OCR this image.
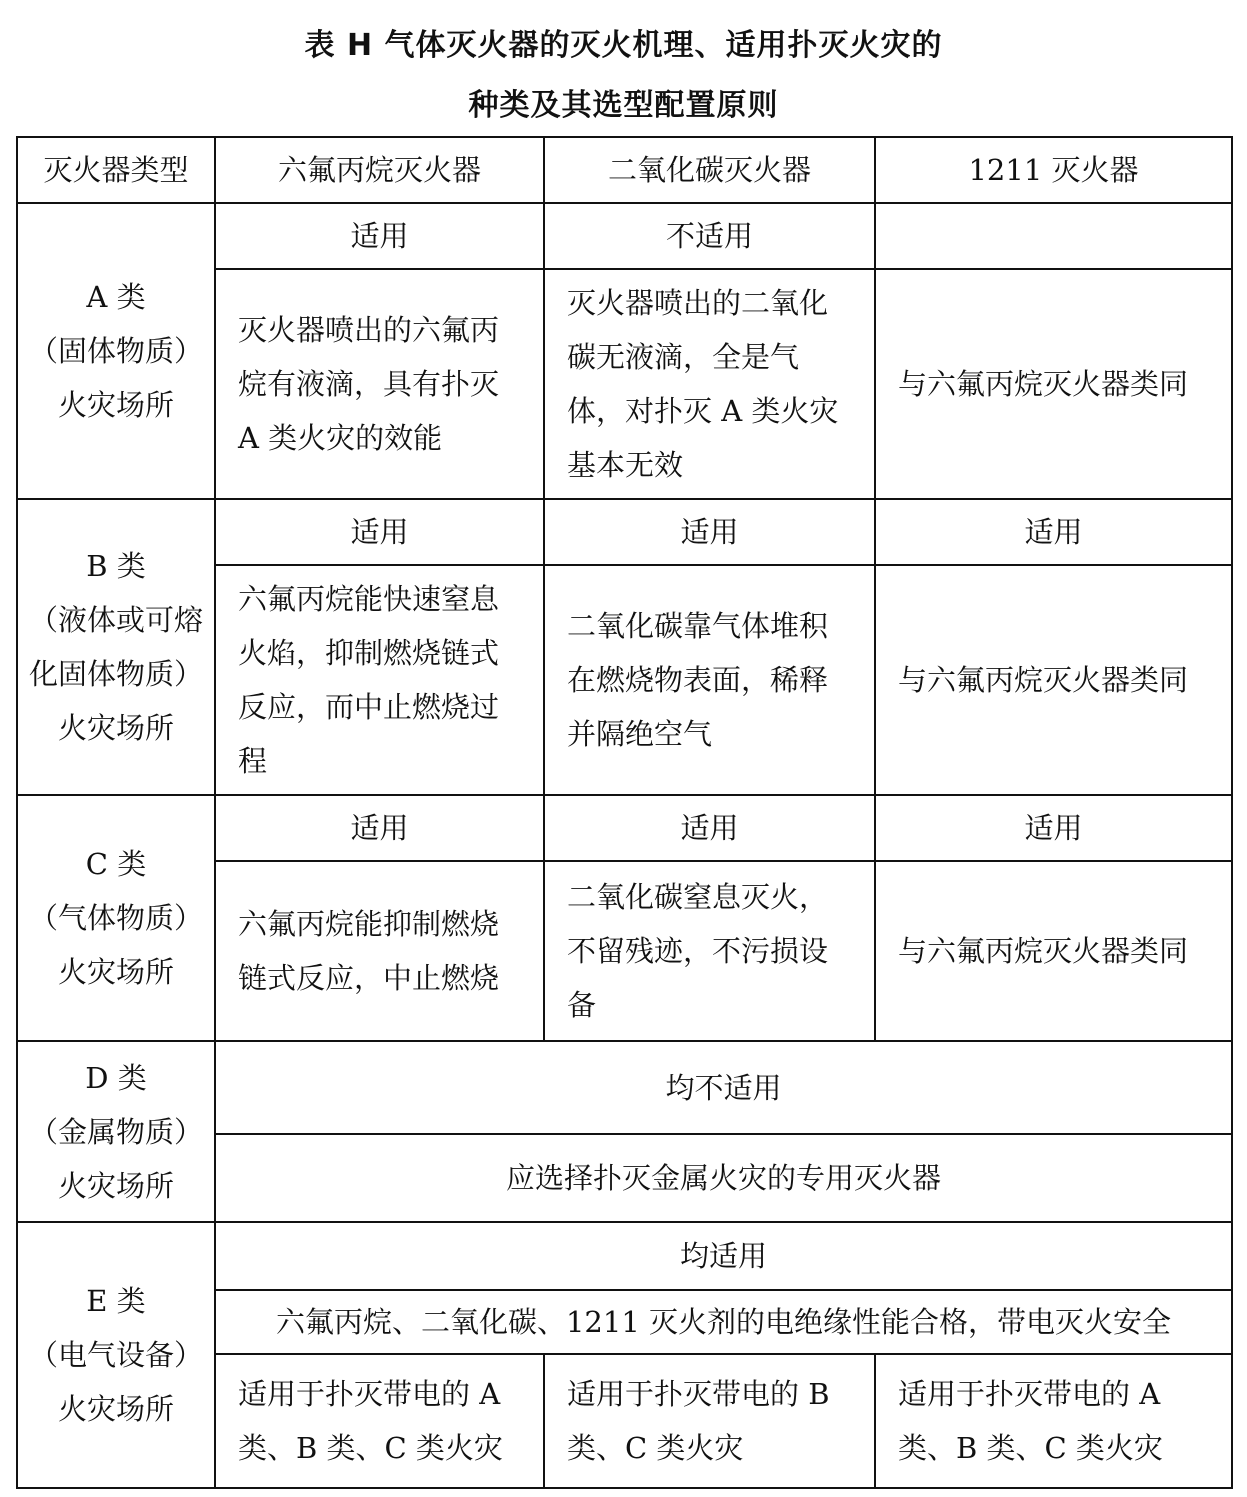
表 H 气体灭火器的灭火机理、适用扑灭火灾的
种类及其选型配置原则
灭火器类型	六氟丙烷灭火器	二氧化碳灭火器	1211 灭火器

A 类
（固体物质）
火灾场所	适用	不适用	
	灭火器喷出的六氟丙烷有液滴，具有扑灭 A 类火灾的效能	灭火器喷出的二氧化碳无液滴，全是气体，对扑灭 A 类火灾基本无效	与六氟丙烷灭火器类同

B 类
（液体或可熔
化固体物质）
火灾场所	适用	适用	适用
	六氟丙烷能快速窒息火焰，抑制燃烧链式反应，而中止燃烧过程	二氧化碳靠气体堆积在燃烧物表面，稀释并隔绝空气	与六氟丙烷灭火器类同

C 类
（气体物质）
火灾场所	适用	适用	适用
	六氟丙烷能抑制燃烧链式反应，中止燃烧	二氧化碳窒息灭火，不留残迹，不污损设备	与六氟丙烷灭火器类同

D 类
（金属物质）
火灾场所	均不适用		
	应选择扑灭金属火灾的专用灭火器		

E 类
（电气设备）
火灾场所	均适用		
	六氟丙烷、二氧化碳、1211 灭火剂的电绝缘性能合格，带电灭火安全		
	适用于扑灭带电的 A 类、B 类、C 类火灾	适用于扑灭带电的 B 类、C 类火灾	适用于扑灭带电的 A 类、B 类、C 类火灾
